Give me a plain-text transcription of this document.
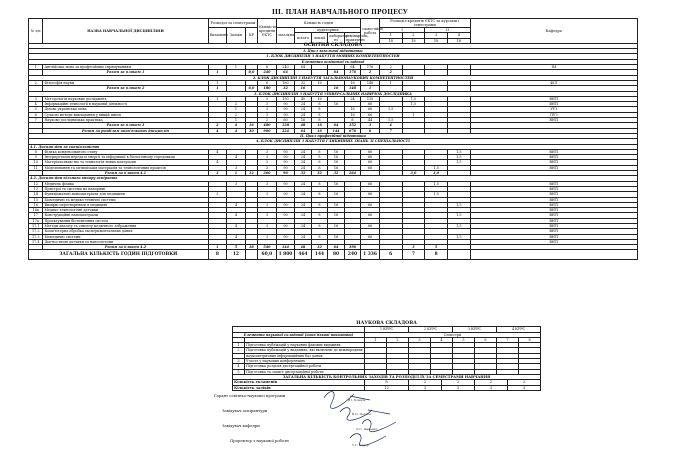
ІІІ. ПЛАН НАВЧАЛЬНОГО ПРОЦЕСУ
№ з/п	НАЗВА НАВЧАЛЬНОЇ ДИСЦИПЛІНИ	Розподіл за семестрами			Кількість кредитів ЄКТС	Кількість годин					самостійна робота	Розподіл кредитів ЄКТС за курсами і семестрами				Кафедра
		Екзамени	Заліки	КР		загальна	аудиторних					I		II		
							всього	лекції	лаборатор-ні	семінарські, практичні		1	2	3	4	
												18	18	18	18	
ОСВІТНЯ СКЛАДОВА																
І. Цикл загальної підготовки																
1. БЛОК ДИСЦИПЛІН З НАБУТТЯ МОВНИХ КОМПЕТЕНТНОСТЕЙ																
Елементи освітньої складової																
1	Англійська мова за професійним спрямуванням		1		8	240	64			64	176	2				ІМ
	Разом за блоком 1	1		8,0	240	64			64	176	2	2				
2. БЛОК ДИСЦИПЛІН З НАБУТТЯ ЗАГАЛЬНОНАУКОВИХ КОМПЕТЕНТНОСТЕЙ																
2	Філософія науки	1			6	180	32	16		16	148	1				ФІЛ
	Разом за блоком 2	1		6,0	180	32	16		16	148	1					
3. БЛОК ДИСЦИПЛІН З НАБУТТЯ УНІВЕРСАЛЬНИХ НАВИЧОК ДОСЛІДНИКА																
3	Методологія наукових досліджень	1			5	150	40	16		24	110		1,5			ВНТІ
4	Інформаційні технології в науковій діяльності		2		3	90	24	8	16		66		1,5			ВНТІ
5	Ділова українська мова		1		3	90	24	8		16	66	1,5				УУЗ
6	Сучасні методи викладання у вищій школі		2		3	90	24	8		16	66		1			ПУЗ
7	Науково-дослідницька практика		1		2	60	16	8		8	44	1,5				ВНТІ
	Разом за блоком 3	2	4	16	480	128	48	16	64	352	3	4				
	Разом за розділом обов'язкових дисциплін	4	4	30	900	224	64	16	144	676	6	7				
ІІ. Цикл професійної підготовки																
4. БЛОК ДИСЦИПЛІН З НАБУТТЯ ГЛИБИННИХ ЗНАНЬ ЗІ СПЕЦІАЛЬНОСТІ																
4.1. Дисципліни за спеціальністю																
8	Фізика конденсованого стану	4			3	90	24	8	16		66				1,5	ВНТІ
9	Інтерпретація передачі енергії та інформації в біологічному середовищі		4		3	90	24	8	16		66				1,5	ВНТІ
10	Матеріалознавство та технологія нових матеріалів	4			3	90	24	8	16		66				1,5	ВНТІ
11	Моделювання та оптимізація матеріалів та технологічних процесів		3		3	90	24	8	16		66			1,5		ВНТІ
	Разом за блоком 4.1	3	1	12	360	96	32	32	32	264			3,0	3,0		
4.2. Дисципліни вільного вибору аспіранта																
12	Медична фізика		3		3	90	24	8	16		66			1,5		ВНТІ
13	Пристрої та системи на нанорівні															ВНТІ
14	Функціональні наноматеріали для медицини	3			3	90	24	8	16		66			1,5		ВНТІ
15	Біомедичні та медико-технічні системи															ВНТІ
16	Вимірні перетворювачі в медицині		4		3	90	24	8	16		66				1,5	ВНТІ
16а	Медико-технологічні датчики															ВНТІ
17	Конструкційні наноматеріали		4		3	90	24	8	16		66				1,5	ВНТІ
17а	Проектування біотехнічних систем															ВНТІ
17.1	Методи аналізу та синтезу медичного зображення		4		3	90	24	8	16		66				1,5	ВНТІ
17.2	Комп'ютерна обробка експериментальних даних															ВНТІ
17.3	Біомедичні системи		4		3	90	24	8	16		66				1,5	ВНТІ
17.4	Діагностичні датчики та наносистеми															ВНТІ
	Разом за блоком 4.2	1	5	18	540	144	48	32	64	396			3	5		
ЗАГАЛЬНА КІЛЬКІСТЬ ГОДИН ПІДГОТОВКИ		8	12		60,0	1 800	464	144	80	240	1 336	6	7	8		
НАУКОВА СКЛАДОВА									
		1 КУРС		2 КУРС		3 КУРС		4 КУРС	
Елементи наукової складової (обов'язкові показники)		Семестри							
		1	2	3	4	5	6	7	8
1	Підготовка публікацій у наукових фахових виданнях								
2	Підготовка публікацій у виданнях, які включені до міжнародних								
	наукометричних інформаційних баз даних								
3	Участь у наукових конференціях								
4	Підготовка розділів дисертаційної роботи								
5	Підготовка та захист дисертаційної роботи								
ЗАГАЛЬНА КІЛЬКІСТЬ КОНТРОЛЬНИХ ЗАХОДІВ ТА РОЗПОДІЛ ЇХ ЗА СЕМЕСТРАМИ НАВЧАННЯ					
Кількість екзаменів	8	2	2	2	2
Кількість заліків	12	3	3	3	3
Гарант освітньо-наукової програми
Завідувач аспірантури
Завідувач кафедри
Проректор з наукової роботи
В.І. Коваль
В.О. Петров
О.С. Іваненко
Т.Г. Сидор
